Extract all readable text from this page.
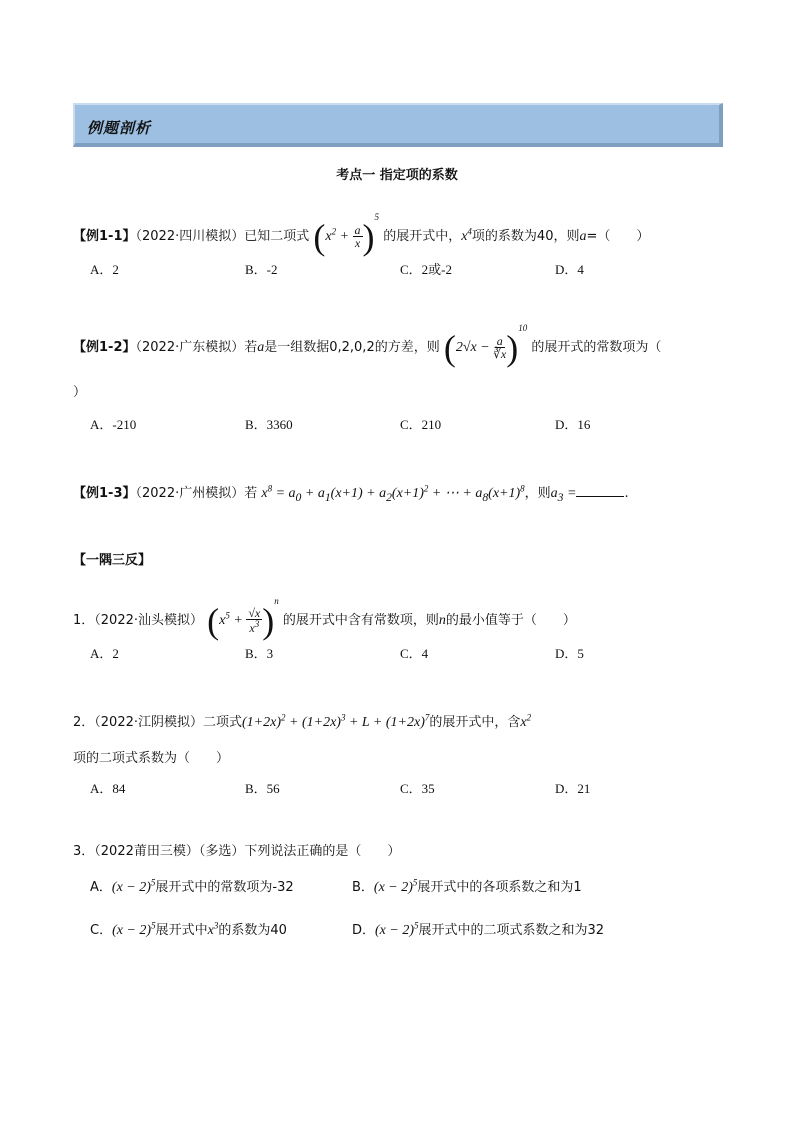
例题剖析
考点一 指定项的系数
【例1-1】（2022·四川模拟）已知二项式 $(x^2 + \frac{a}{x} )^5$ 的展开式中，$x^4$项的系数为40，则a=（　　）
A．2	B．-2	C．2或-2	D．4
【例1-2】（2022·广东模拟）若a是一组数据0,2,0,2的方差，则 $(2√x - \frac{a}{∛x} )^{10}$ 的展开式的常数项为（
）
A．-210	B．3360	C．210	D．16
【例1-3】（2022·广州模拟）若 $x^8 = a_0 + a_1(x+1) + a_2(x+1)^2$ + ⋯ + $a_8(x+1)^8$，则$a_3$ =	.
【一隅三反】
1．（2022·汕头模拟） $(x^5 + \frac{√x}{x^3} )^n$ 的展开式中含有常数项，则n的最小值等于（　　）
A．2	B．3	C．4	D．5
2．（2022·江阴模拟）二项式$(1+2x)^2 + (1+2x)^3 + L + (1+2x)^7$的展开式中，含$x^2$
项的二项式系数为（　　）
A．84	B．56	C．35	D．21
3．（2022莆田三模）（多选）下列说法正确的是（　　）
A．$(x - 2)^5$展开式中的常数项为-32	B．$(x - 2)^5$展开式中的各项系数之和为1
C．$(x - 2)^5$展开式中$x^3$的系数为40	D．$(x - 2)^5$展开式中的二项式系数之和为32
